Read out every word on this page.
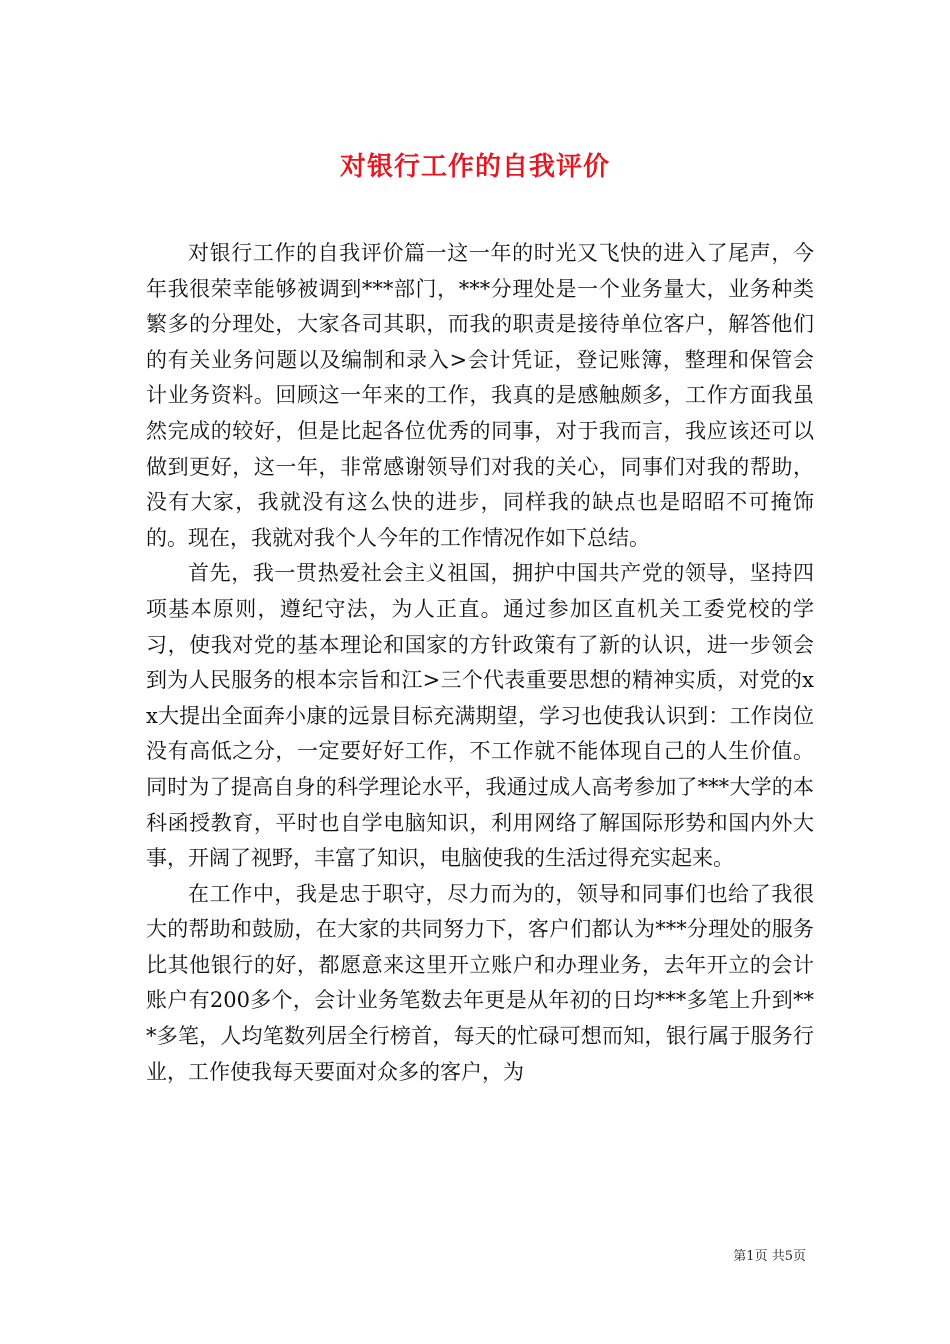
对银行工作的自我评价

对银行工作的自我评价篇一这一年的时光又飞快的进入了尾声，今年我很荣幸能够被调到***部门，***分理处是一个业务量大，业务种类繁多的分理处，大家各司其职，而我的职责是接待单位客户，解答他们的有关业务问题以及编制和录入>会计凭证，登记账簿，整理和保管会计业务资料。回顾这一年来的工作，我真的是感触颇多，工作方面我虽然完成的较好，但是比起各位优秀的同事，对于我而言，我应该还可以做到更好，这一年，非常感谢领导们对我的关心，同事们对我的帮助，没有大家，我就没有这么快的进步，同样我的缺点也是昭昭不可掩饰的。现在，我就对我个人今年的工作情况作如下总结。

首先，我一贯热爱社会主义祖国，拥护中国共产党的领导，坚持四项基本原则，遵纪守法，为人正直。通过参加区直机关工委党校的学习，使我对党的基本理论和国家的方针政策有了新的认识，进一步领会到为人民服务的根本宗旨和江>三个代表重要思想的精神实质，对党的xx大提出全面奔小康的远景目标充满期望，学习也使我认识到：工作岗位没有高低之分，一定要好好工作，不工作就不能体现自己的人生价值。同时为了提高自身的科学理论水平，我通过成人高考参加了***大学的本科函授教育，平时也自学电脑知识，利用网络了解国际形势和国内外大事，开阔了视野，丰富了知识，电脑使我的生活过得充实起来。

在工作中，我是忠于职守，尽力而为的，领导和同事们也给了我很大的帮助和鼓励，在大家的共同努力下，客户们都认为***分理处的服务比其他银行的好，都愿意来这里开立账户和办理业务，去年开立的会计账户有200多个，会计业务笔数去年更是从年初的日均***多笔上升到***多笔，人均笔数列居全行榜首，每天的忙碌可想而知，银行属于服务行业，工作使我每天要面对众多的客户，为

第1页 共5页
